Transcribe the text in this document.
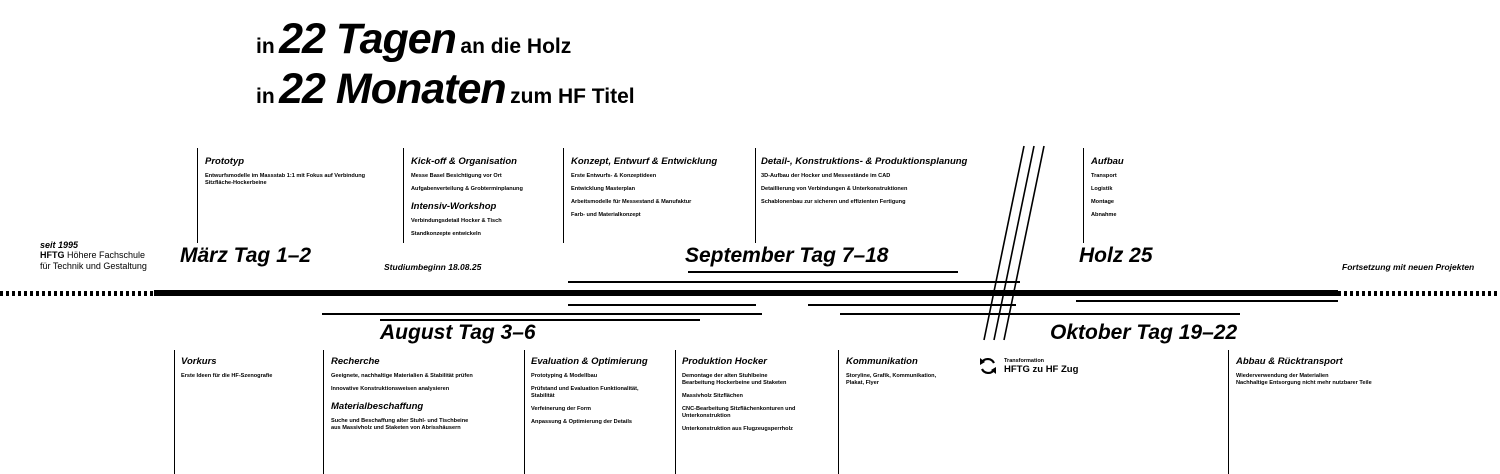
in 22 Tagen an die Holz
in 22 Monaten zum HF Titel
Prototyp
Entwurfsmodelle im Massstab 1:1 mit Fokus auf Verbindung
Sitzfläche-Hockerbeine
Kick-off & Organisation
Messe Basel Besichtigung vor Ort
Aufgabenverteilung & Grobterminplanung
Intensiv-Workshop
Verbindungsdetail Hocker & Tisch
Standkonzepte entwickeln
Konzept, Entwurf & Entwicklung
Erste Entwurfs- & Konzeptideen
Entwicklung Masterplan
Arbeitsmodelle für Messestand & Manufaktur
Farb- und Materialkonzept
Detail-, Konstruktions- & Produktionsplanung
3D-Aufbau der Hocker und Messestände im CAD
Detaillierung von Verbindungen & Unterkonstruktionen
Schablonenbau zur sicheren und effizienten Fertigung
Aufbau
Transport
Logistik
Montage
Abnahme
seit 1995
HFTG Höhere Fachschule
für Technik und Gestaltung März Tag 1–2	Studiumbeginn 18.08.25	September Tag 7–18	Holz 25	Fortsetzung mit neuen Projekten
August Tag 3–6	Oktober Tag 19–22
Vorkurs
Erste Ideen für die HF-Szenografie
Recherche
Geeignete, nachhaltige Materialien & Stabilität prüfen
Innovative Konstruktionsweisen analysieren
Materialbeschaffung
Suche und Beschaffung alter Stuhl- und Tischbeine
aus Massivholz und Staketen von Abrisshäusern
Evaluation & Optimierung
Prototyping & Modellbau
Prüfstand und Evaluation Funktionalität,
Stabilität
Verfeinerung der Form
Anpassung & Optimierung der Details
Produktion Hocker
Demontage der alten Stuhlbeine
Bearbeitung Hockerbeine und Staketen
Massivholz Sitzflächen
CNC-Bearbeitung Sitzflächenkonturen und
Unterkonstruktion
Unterkonstruktion aus Flugzeugsperrholz
Kommunikation
Storyline, Grafik, Kommunikation,
Plakat, Flyer
Abbau & Rücktransport
Wiederverwendung der Materialien
Nachhaltige Entsorgung nicht mehr nutzbarer Teile
Transformation
HFTG zu HF Zug
